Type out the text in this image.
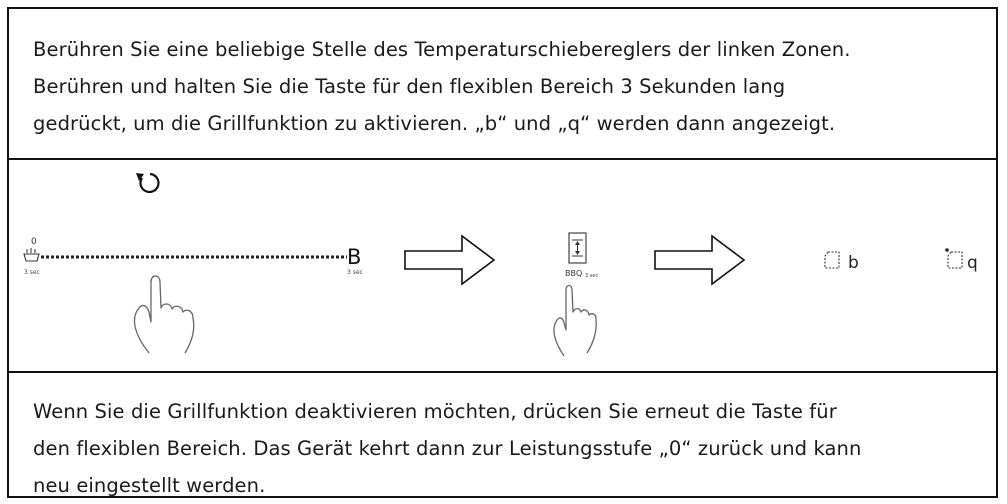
Berühren Sie eine beliebige Stelle des Temperaturschiebereglers der linken Zonen.

Berühren und halten Sie die Taste für den flexiblen Bereich 3 Sekunden lang

gedrückt, um die Grillfunktion zu aktivieren. „b“ und „q“ werden dann angezeigt.

0
B
3 sec	3 sec	BBQ 3 sec
b	q

Wenn Sie die Grillfunktion deaktivieren möchten, drücken Sie erneut die Taste für

den flexiblen Bereich. Das Gerät kehrt dann zur Leistungsstufe „0“ zurück und kann

neu eingestellt werden.
